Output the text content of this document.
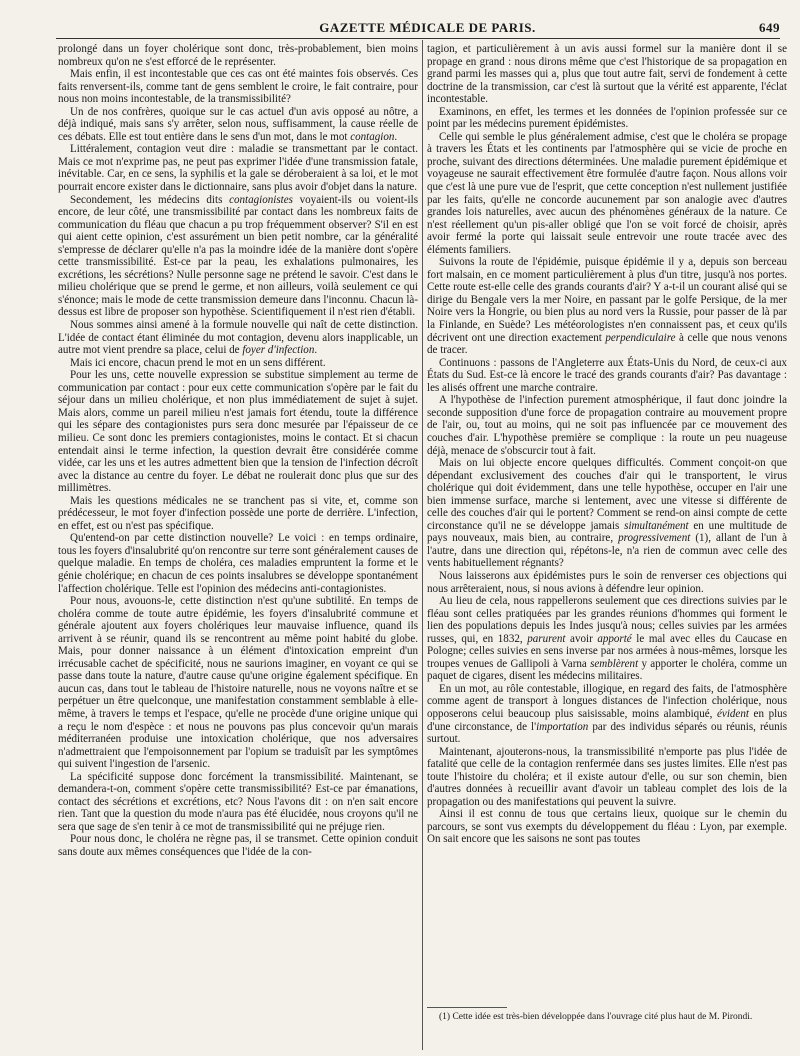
GAZETTE MÉDICALE DE PARIS.	649

prolongé dans un foyer cholérique sont donc, très-probablement, bien moins nombreux qu'on ne s'est efforcé de le représenter.

Mais enfin, il est incontestable que ces cas ont été maintes fois observés. Ces faits renversent-ils, comme tant de gens semblent le croire, le fait contraire, pour nous non moins incontestable, de la transmissibilité?

Un de nos confrères, quoique sur le cas actuel d'un avis opposé au nôtre, a déjà indiqué, mais sans s'y arrêter, selon nous, suffisamment, la cause réelle de ces débats. Elle est tout entière dans le sens d'un mot, dans le mot contagion.

Littéralement, contagion veut dire : maladie se transmettant par le contact. Mais ce mot n'exprime pas, ne peut pas exprimer l'idée d'une transmission fatale, inévitable. Car, en ce sens, la syphilis et la gale se déroberaient à sa loi, et le mot pourrait encore exister dans le dictionnaire, sans plus avoir d'objet dans la nature.

Secondement, les médecins dits contagionistes voyaient-ils ou voient-ils encore, de leur côté, une transmissibilité par contact dans les nombreux faits de communication du fléau que chacun a pu trop fréquemment observer? S'il en est qui aient cette opinion, c'est assurément un bien petit nombre, car la généralité s'empresse de déclarer qu'elle n'a pas la moindre idée de la manière dont s'opère cette transmissibilité. Est-ce par la peau, les exhalations pulmonaires, les excrétions, les sécrétions? Nulle personne sage ne prétend le savoir. C'est dans le milieu cholérique que se prend le germe, et non ailleurs, voilà seulement ce qui s'énonce; mais le mode de cette transmission demeure dans l'inconnu. Chacun là-dessus est libre de proposer son hypothèse. Scientifiquement il n'est rien d'établi.

Nous sommes ainsi amené à la formule nouvelle qui naît de cette distinction. L'idée de contact étant éliminée du mot contagion, devenu alors inapplicable, un autre mot vient prendre sa place, celui de foyer d'infection.

Mais ici encore, chacun prend le mot en un sens différent.

Pour les uns, cette nouvelle expression se substitue simplement au terme de communication par contact : pour eux cette communication s'opère par le fait du séjour dans un milieu cholérique, et non plus immédiatement de sujet à sujet. Mais alors, comme un pareil milieu n'est jamais fort étendu, toute la différence qui les sépare des contagionistes purs sera donc mesurée par l'épaisseur de ce milieu. Ce sont donc les premiers contagionistes, moins le contact. Et si chacun entendait ainsi le terme infection, la question devrait être considérée comme vidée, car les uns et les autres admettent bien que la tension de l'infection décroît avec la distance au centre du foyer. Le débat ne roulerait donc plus que sur des millimètres.

Mais les questions médicales ne se tranchent pas si vite, et, comme son prédécesseur, le mot foyer d'infection possède une porte de derrière. L'infection, en effet, est ou n'est pas spécifique.

Qu'entend-on par cette distinction nouvelle? Le voici : en temps ordinaire, tous les foyers d'insalubrité qu'on rencontre sur terre sont généralement causes de quelque maladie. En temps de choléra, ces maladies empruntent la forme et le génie cholérique; en chacun de ces points insalubres se développe spontanément l'affection cholérique. Telle est l'opinion des médecins anti-contagionistes.

Pour nous, avouons-le, cette distinction n'est qu'une subtilité. En temps de choléra comme de toute autre épidémie, les foyers d'insalubrité commune et générale ajoutent aux foyers cholériques leur mauvaise influence, quand ils arrivent à se réunir, quand ils se rencontrent au même point habité du globe. Mais, pour donner naissance à un élément d'intoxication empreint d'un irrécusable cachet de spécificité, nous ne saurions imaginer, en voyant ce qui se passe dans toute la nature, d'autre cause qu'une origine également spécifique. En aucun cas, dans tout le tableau de l'histoire naturelle, nous ne voyons naître et se perpétuer un être quelconque, une manifestation constamment semblable à elle-même, à travers le temps et l'espace, qu'elle ne procède d'une origine unique qui a reçu le nom d'espèce : et nous ne pouvons pas plus concevoir qu'un marais méditerranéen produise une intoxication cholérique, que nos adversaires n'admettraient que l'empoisonnement par l'opium se traduisît par les symptômes qui suivent l'ingestion de l'arsenic.

La spécificité suppose donc forcément la transmissibilité. Maintenant, se demandera-t-on, comment s'opère cette transmissibilité? Est-ce par émanations, contact des sécrétions et excrétions, etc? Nous l'avons dit : on n'en sait encore rien. Tant que la question du mode n'aura pas été élucidée, nous croyons qu'il ne sera que sage de s'en tenir à ce mot de transmissibilité qui ne préjuge rien.

Pour nous donc, le choléra ne règne pas, il se transmet. Cette opinion conduit sans doute aux mêmes conséquences que l'idée de la con-

tagion, et particulièrement à un avis aussi formel sur la manière dont il se propage en grand : nous dirons même que c'est l'historique de sa propagation en grand parmi les masses qui a, plus que tout autre fait, servi de fondement à cette doctrine de la transmission, car c'est là surtout que la vérité est apparente, l'éclat incontestable.

Examinons, en effet, les termes et les données de l'opinion professée sur ce point par les médecins purement épidémistes.

Celle qui semble le plus généralement admise, c'est que le choléra se propage à travers les États et les continents par l'atmosphère qui se vicie de proche en proche, suivant des directions déterminées. Une maladie purement épidémique et voyageuse ne saurait effectivement être formulée d'autre façon. Nous allons voir que c'est là une pure vue de l'esprit, que cette conception n'est nullement justifiée par les faits, qu'elle ne concorde aucunement par son analogie avec d'autres grandes lois naturelles, avec aucun des phénomènes généraux de la nature. Ce n'est réellement qu'un pis-aller obligé que l'on se voit forcé de choisir, après avoir fermé la porte qui laissait seule entrevoir une route tracée avec des éléments familiers.

Suivons la route de l'épidémie, puisque épidémie il y a, depuis son berceau fort malsain, en ce moment particulièrement à plus d'un titre, jusqu'à nos portes. Cette route est-elle celle des grands courants d'air? Y a-t-il un courant alisé qui se dirige du Bengale vers la mer Noire, en passant par le golfe Persique, de la mer Noire vers la Hongrie, ou bien plus au nord vers la Russie, pour passer de là par la Finlande, en Suède? Les météorologistes n'en connaissent pas, et ceux qu'ils décrivent ont une direction exactement perpendiculaire à celle que nous venons de tracer.

Continuons : passons de l'Angleterre aux États-Unis du Nord, de ceux-ci aux États du Sud. Est-ce là encore le tracé des grands courants d'air? Pas davantage : les alisés offrent une marche contraire.

A l'hypothèse de l'infection purement atmosphérique, il faut donc joindre la seconde supposition d'une force de propagation contraire au mouvement propre de l'air, ou, tout au moins, qui ne soit pas influencée par ce mouvement des couches d'air. L'hypothèse première se complique : la route un peu nuageuse déjà, menace de s'obscurcir tout à fait.

Mais on lui objecte encore quelques difficultés. Comment conçoit-on que dépendant exclusivement des couches d'air qui le transportent, le virus cholérique qui doit évidemment, dans une telle hypothèse, occuper en l'air une bien immense surface, marche si lentement, avec une vitesse si différente de celle des couches d'air qui le portent? Comment se rend-on ainsi compte de cette circonstance qu'il ne se développe jamais simultanément en une multitude de pays nouveaux, mais bien, au contraire, progressivement (1), allant de l'un à l'autre, dans une direction qui, répétons-le, n'a rien de commun avec celle des vents habituellement régnants?

Nous laisserons aux épidémistes purs le soin de renverser ces objections qui nous arrêteraient, nous, si nous avions à défendre leur opinion.

Au lieu de cela, nous rappellerons seulement que ces directions suivies par le fléau sont celles pratiquées par les grandes réunions d'hommes qui forment le lien des populations depuis les Indes jusqu'à nous; celles suivies par les armées russes, qui, en 1832, parurent avoir apporté le mal avec elles du Caucase en Pologne; celles suivies en sens inverse par nos armées à nous-mêmes, lorsque les troupes venues de Gallipoli à Varna semblèrent y apporter le choléra, comme un paquet de cigares, disent les médecins militaires.

En un mot, au rôle contestable, illogique, en regard des faits, de l'atmosphère comme agent de transport à longues distances de l'infection cholérique, nous opposerons celui beaucoup plus saisissable, moins alambiqué, évident en plus d'une circonstance, de l'importation par des individus séparés ou réunis, réunis surtout.

Maintenant, ajouterons-nous, la transmissibilité n'emporte pas plus l'idée de fatalité que celle de la contagion renfermée dans ses justes limites. Elle n'est pas toute l'histoire du choléra; et il existe autour d'elle, ou sur son chemin, bien d'autres données à recueillir avant d'avoir un tableau complet des lois de la propagation ou des manifestations qui peuvent la suivre.

Ainsi il est connu de tous que certains lieux, quoique sur le chemin du parcours, se sont vus exempts du développement du fléau : Lyon, par exemple. On sait encore que les saisons ne sont pas toutes

(1) Cette idée est très-bien développée dans l'ouvrage cité plus haut de M. Pirondi.
